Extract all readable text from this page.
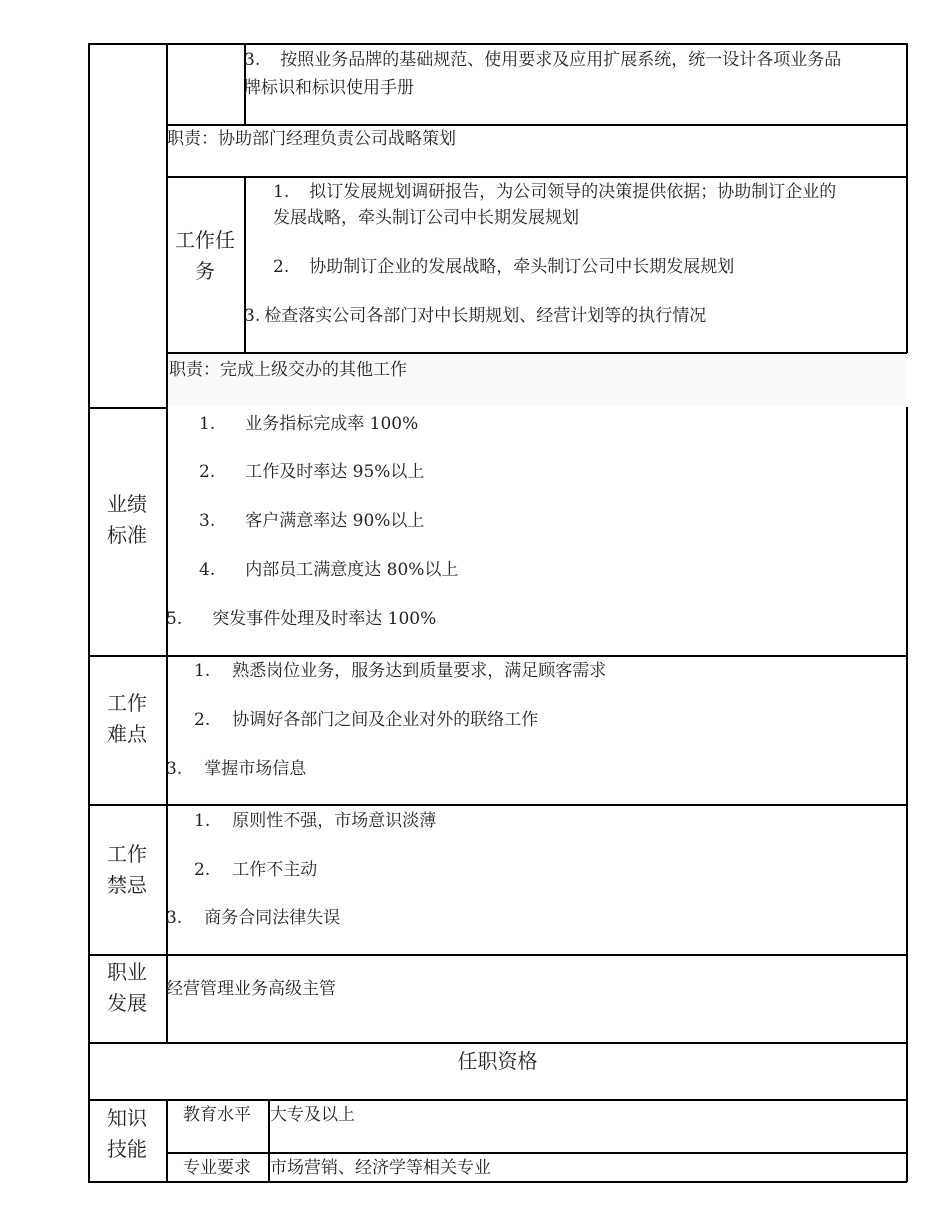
3. 按照业务品牌的基础规范、使用要求及应用扩展系统，统一设计各项业务品
牌标识和标识使用手册
职责：协助部门经理负责公司战略策划
工作任
务
1. 拟订发展规划调研报告，为公司领导的决策提供依据；协助制订企业的
发展战略，牵头制订公司中长期发展规划
2. 协助制订企业的发展战略，牵头制订公司中长期发展规划
3. 检查落实公司各部门对中长期规划、经营计划等的执行情况
职责：完成上级交办的其他工作
业绩
标准
1. 业务指标完成率 100%
2. 工作及时率达 95%以上
3. 客户满意率达 90%以上
4. 内部员工满意度达 80%以上
5. 突发事件处理及时率达 100%
工作
难点
1. 熟悉岗位业务，服务达到质量要求，满足顾客需求
2. 协调好各部门之间及企业对外的联络工作
3. 掌握市场信息
工作
禁忌
1. 原则性不强，市场意识淡薄
2. 工作不主动
3. 商务合同法律失误
职业
发展
经营管理业务高级主管
任职资格
知识
技能
教育水平	大专及以上
专业要求	市场营销、经济学等相关专业
